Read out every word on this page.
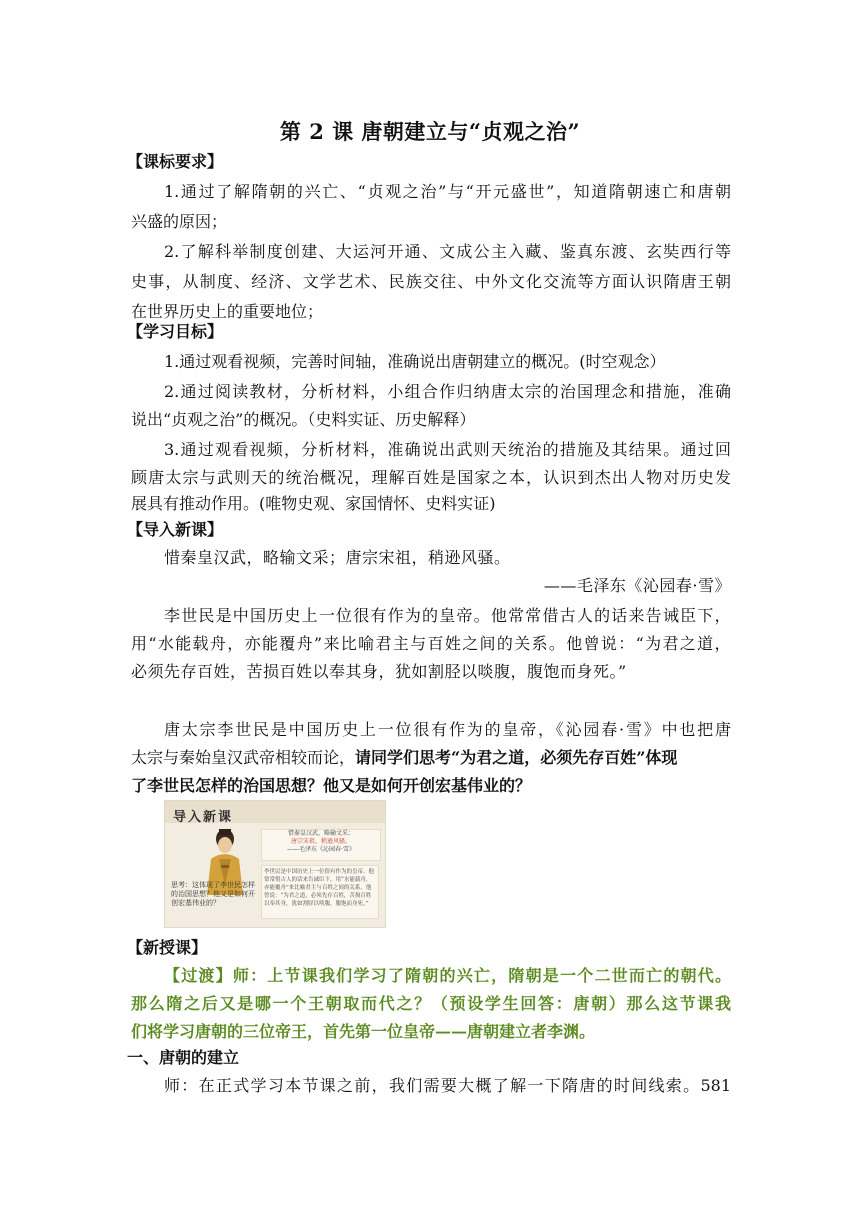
第 2 课 唐朝建立与“贞观之治”
【课标要求】
1.通过了解隋朝的兴亡、“贞观之治”与“开元盛世”，知道隋朝速亡和唐朝
兴盛的原因；
2.了解科举制度创建、大运河开通、文成公主入藏、鉴真东渡、玄奘西行等
史事，从制度、经济、文学艺术、民族交往、中外文化交流等方面认识隋唐王朝
在世界历史上的重要地位；
【学习目标】
1.通过观看视频，完善时间轴，准确说出唐朝建立的概况。(时空观念）
2.通过阅读教材，分析材料，小组合作归纳唐太宗的治国理念和措施，准确
说出“贞观之治”的概况。（史料实证、历史解释）
3.通过观看视频，分析材料，准确说出武则天统治的措施及其结果。通过回
顾唐太宗与武则天的统治概况，理解百姓是国家之本，认识到杰出人物对历史发
展具有推动作用。(唯物史观、家国情怀、史料实证)
【导入新课】
惜秦皇汉武，略输文采；唐宗宋祖，稍逊风骚。
——毛泽东《沁园春·雪》
李世民是中国历史上一位很有作为的皇帝。他常常借古人的话来告诫臣下，
用“水能载舟，亦能覆舟”来比喻君主与百姓之间的关系。他曾说：“为君之道，
必须先存百姓，苦损百姓以奉其身，犹如割胫以啖腹，腹饱而身死。”
唐太宗李世民是中国历史上一位很有作为的皇帝，《沁园春·雪》中也把唐
太宗与秦始皇汉武帝相较而论，请同学们思考“为君之道，必须先存百姓”体现
了李世民怎样的治国思想？他又是如何开创宏基伟业的？
导入新课
思考：这体现了李世民怎样的治国思想？他又是如何开创宏基伟业的？
惜秦皇汉武，略输文采；
唐宗宋祖，稍逊风骚。
——毛泽东《沁园春·雪》
李世民是中国历史上一位很有作为的皇帝。他常常借古人的话来告诫臣下，用“水能载舟，亦能覆舟”来比喻君主与百姓之间的关系。他曾说：“为君之道，必须先存百姓，苦损百姓以奉其身，犹如割胫以啖腹，腹饱而身死。”
【新授课】
【过渡】师：上节课我们学习了隋朝的兴亡，隋朝是一个二世而亡的朝代。
那么隋之后又是哪一个王朝取而代之？（预设学生回答：唐朝）那么这节课我
们将学习唐朝的三位帝王，首先第一位皇帝——唐朝建立者李渊。
一、唐朝的建立
师：在正式学习本节课之前，我们需要大概了解一下隋唐的时间线索。581
